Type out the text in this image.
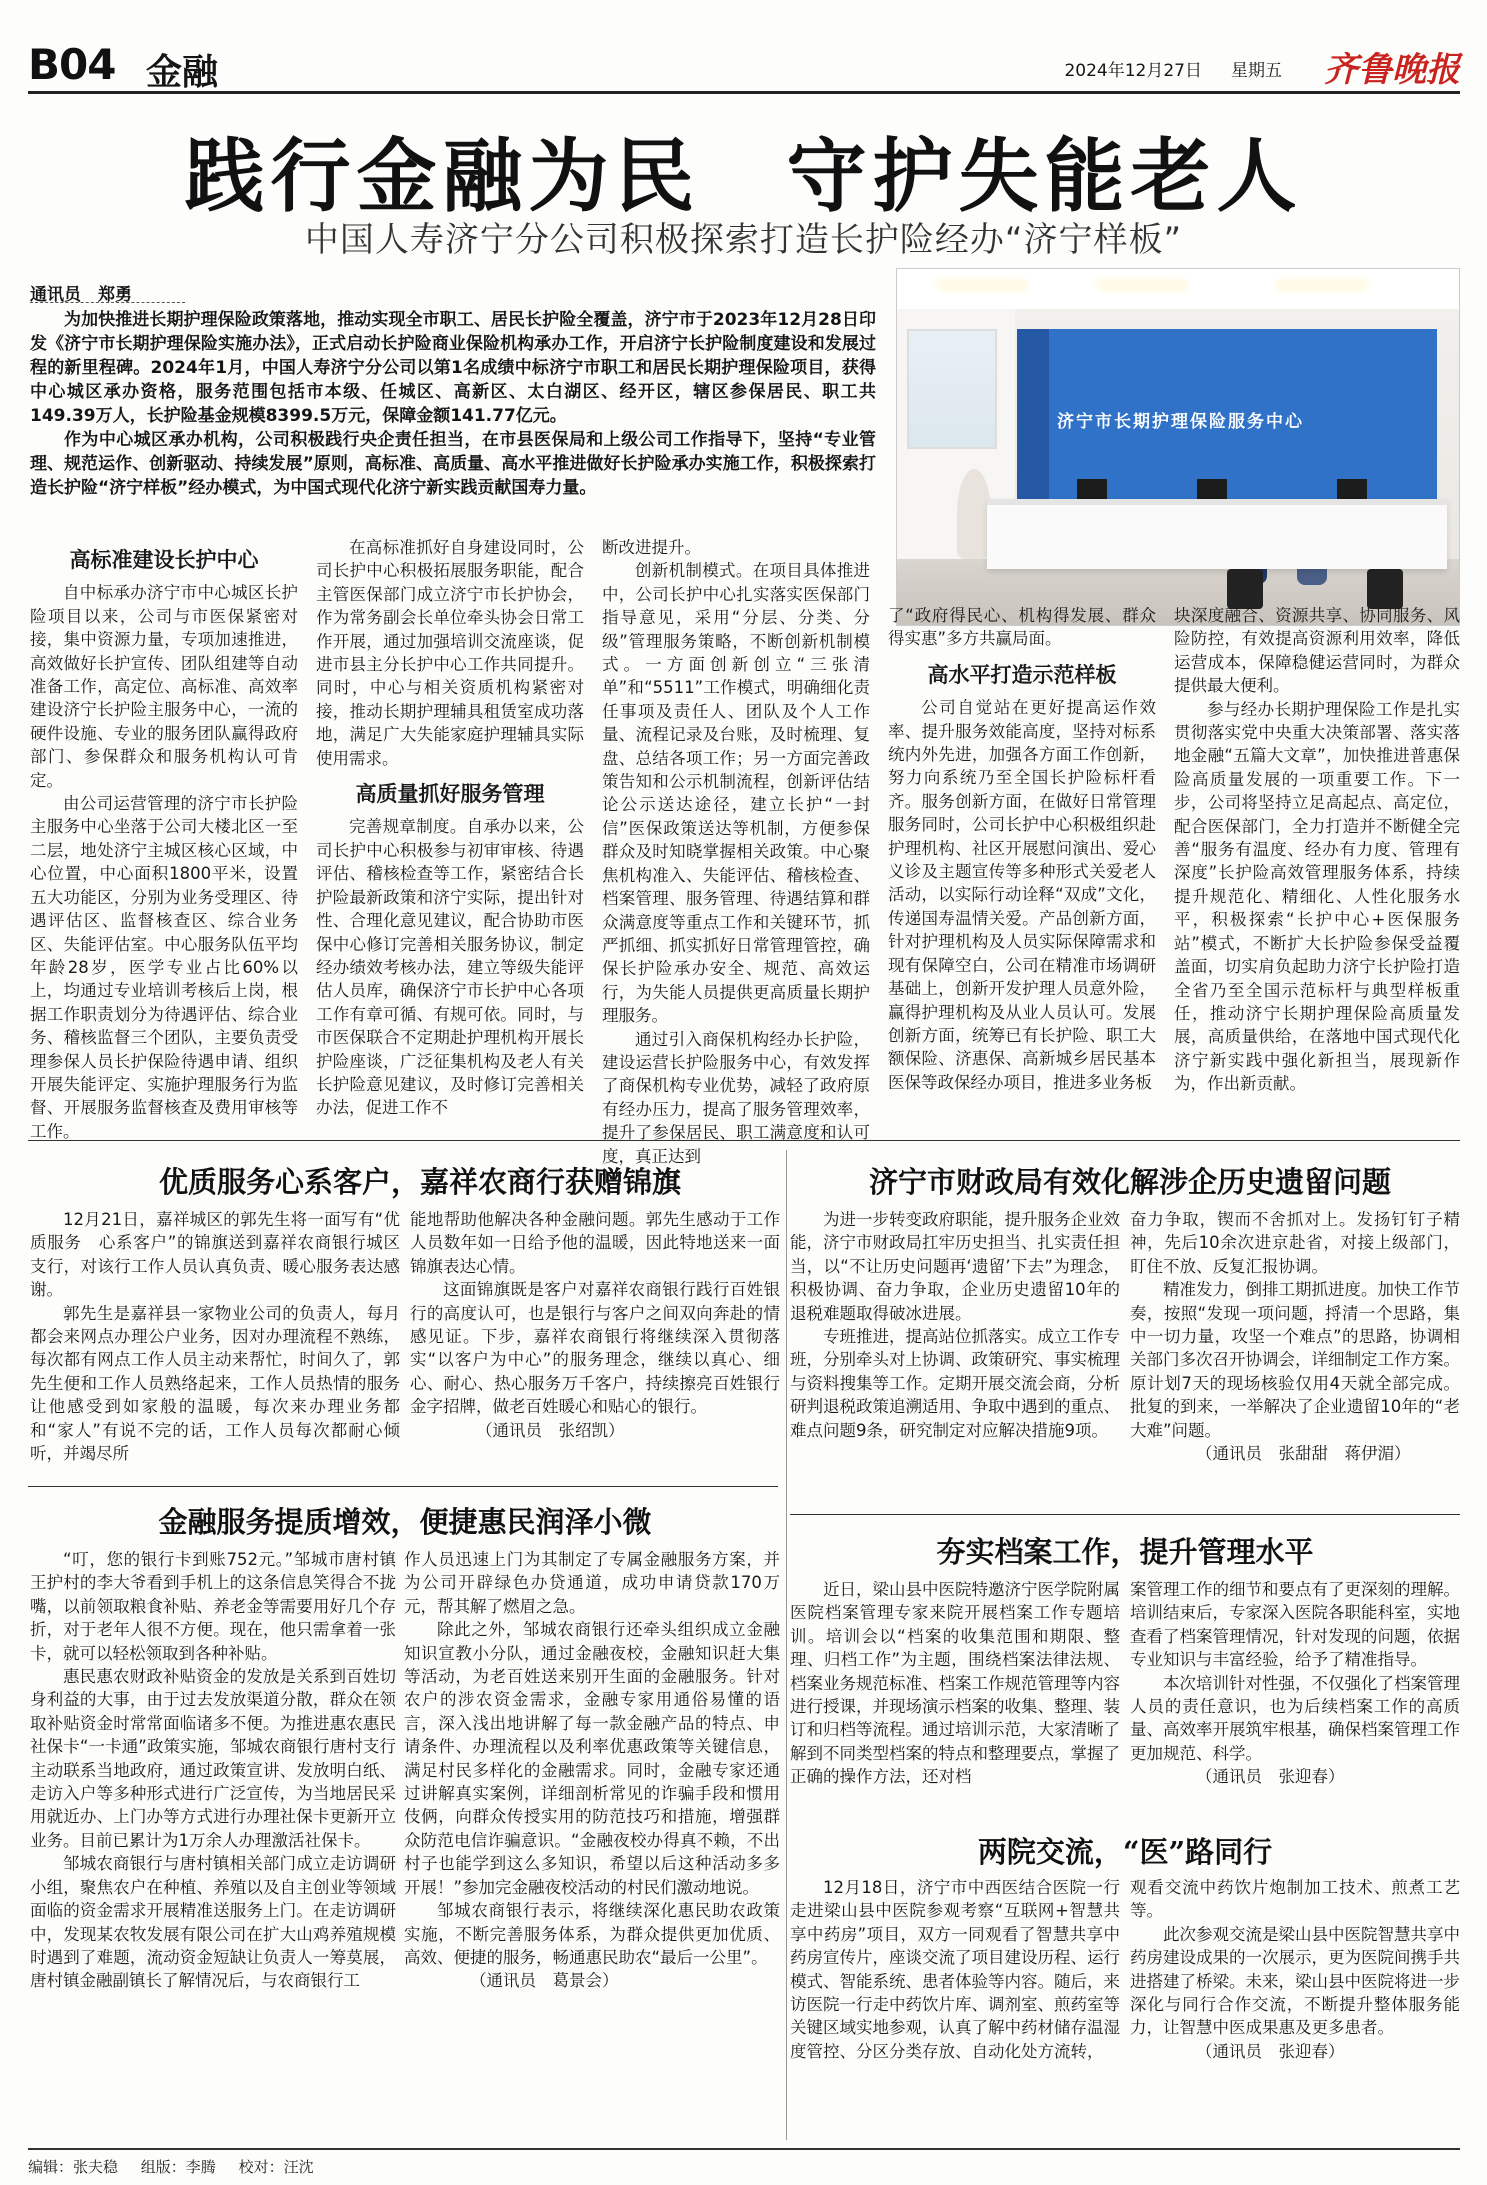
B04 金融	2024年12月27日 星期五 齐鲁晚报
践行金融为民　守护失能老人
中国人寿济宁分公司积极探索打造长护险经办“济宁样板”
通讯员　郑勇

为加快推进长期护理保险政策落地，推动实现全市职工、居民长护险全覆盖，济宁市于2023年12月28日印发《济宁市长期护理保险实施办法》，正式启动长护险商业保险机构承办工作，开启济宁长护险制度建设和发展过程的新里程碑。2024年1月，中国人寿济宁分公司以第1名成绩中标济宁市职工和居民长期护理保险项目，获得中心城区承办资格，服务范围包括市本级、任城区、高新区、太白湖区、经开区，辖区参保居民、职工共149.39万人，长护险基金规模8399.5万元，保障金额141.77亿元。

作为中心城区承办机构，公司积极践行央企责任担当，在市县医保局和上级公司工作指导下，坚持“专业管理、规范运作、创新驱动、持续发展”原则，高标准、高质量、高水平推进做好长护险承办实施工作，积极探索打造长护险“济宁样板”经办模式，为中国式现代化济宁新实践贡献国寿力量。

济宁市长期护理保险服务中心
高标准建设长护中心

自中标承办济宁市中心城区长护险项目以来，公司与市医保紧密对接，集中资源力量，专项加速推进，高效做好长护宣传、团队组建等自动准备工作，高定位、高标准、高效率建设济宁长护险主服务中心，一流的硬件设施、专业的服务团队赢得政府部门、参保群众和服务机构认可肯定。

由公司运营管理的济宁市长护险主服务中心坐落于公司大楼北区一至二层，地处济宁主城区核心区域，中心位置，中心面积1800平米，设置五大功能区，分别为业务受理区、待遇评估区、监督核查区、综合业务区、失能评估室。中心服务队伍平均年龄28岁，医学专业占比60%以上，均通过专业培训考核后上岗，根据工作职责划分为待遇评估、综合业务、稽核监督三个团队，主要负责受理参保人员长护保险待遇申请、组织开展失能评定、实施护理服务行为监督、开展服务监督核查及费用审核等工作。

在高标准抓好自身建设同时，公司长护中心积极拓展服务职能，配合主管医保部门成立济宁市长护协会，作为常务副会长单位牵头协会日常工作开展，通过加强培训交流座谈，促进市县主分长护中心工作共同提升。同时，中心与相关资质机构紧密对接，推动长期护理辅具租赁室成功落地，满足广大失能家庭护理辅具实际使用需求。

高质量抓好服务管理

完善规章制度。自承办以来，公司长护中心积极参与初审审核、待遇评估、稽核检查等工作，紧密结合长护险最新政策和济宁实际，提出针对性、合理化意见建议，配合协助市医保中心修订完善相关服务协议，制定经办绩效考核办法，建立等级失能评估人员库，确保济宁市长护中心各项工作有章可循、有规可依。同时，与市医保联合不定期赴护理机构开展长护险座谈，广泛征集机构及老人有关长护险意见建议，及时修订完善相关办法，促进工作不

断改进提升。

创新机制模式。在项目具体推进中，公司长护中心扎实落实医保部门指导意见，采用“分层、分类、分级”管理服务策略，不断创新机制模式。一方面创新创立“三张清单”和“5511”工作模式，明确细化责任事项及责任人、团队及个人工作量、流程记录及台账，及时梳理、复盘、总结各项工作；另一方面完善政策告知和公示机制流程，创新评估结论公示送达途径，建立长护“一封信”医保政策送达等机制，方便参保群众及时知晓掌握相关政策。中心聚焦机构准入、失能评估、稽核检查、档案管理、服务管理、待遇结算和群众满意度等重点工作和关键环节，抓严抓细、抓实抓好日常管理管控，确保长护险承办安全、规范、高效运行，为失能人员提供更高质量长期护理服务。

通过引入商保机构经办长护险，建设运营长护险服务中心，有效发挥了商保机构专业优势，减轻了政府原有经办压力，提高了服务管理效率，提升了参保居民、职工满意度和认可度，真正达到

了“政府得民心、机构得发展、群众得实惠”多方共赢局面。

高水平打造示范样板

公司自觉站在更好提高运作效率、提升服务效能高度，坚持对标系统内外先进，加强各方面工作创新，努力向系统乃至全国长护险标杆看齐。服务创新方面，在做好日常管理服务同时，公司长护中心积极组织赴护理机构、社区开展慰问演出、爱心义诊及主题宣传等多种形式关爱老人活动，以实际行动诠释“双成”文化，传递国寿温情关爱。产品创新方面，针对护理机构及人员实际保障需求和现有保障空白，公司在精准市场调研基础上，创新开发护理人员意外险，赢得护理机构及从业人员认可。发展创新方面，统筹已有长护险、职工大额保险、济惠保、高新城乡居民基本医保等政保经办项目，推进多业务板

块深度融合、资源共享、协同服务、风险防控，有效提高资源利用效率，降低运营成本，保障稳健运营同时，为群众提供最大便利。

参与经办长期护理保险工作是扎实贯彻落实党中央重大决策部署、落实落地金融“五篇大文章”，加快推进普惠保险高质量发展的一项重要工作。下一步，公司将坚持立足高起点、高定位，配合医保部门，全力打造并不断健全完善“服务有温度、经办有力度、管理有深度”长护险高效管理服务体系，持续提升规范化、精细化、人性化服务水平，积极探索“长护中心+医保服务站”模式，不断扩大长护险参保受益覆盖面，切实肩负起助力济宁长护险打造全省乃至全国示范标杆与典型样板重任，推动济宁长期护理保险高质量发展，高质量供给，在落地中国式现代化济宁新实践中强化新担当，展现新作为，作出新贡献。

优质服务心系客户，嘉祥农商行获赠锦旗

12月21日，嘉祥城区的郭先生将一面写有“优质服务　心系客户”的锦旗送到嘉祥农商银行城区支行，对该行工作人员认真负责、暖心服务表达感谢。

郭先生是嘉祥县一家物业公司的负责人，每月都会来网点办理公户业务，因对办理流程不熟练，每次都有网点工作人员主动来帮忙，时间久了，郭先生便和工作人员熟络起来，工作人员热情的服务让他感受到如家般的温暖，每次来办理业务都和“家人”有说不完的话，工作人员每次都耐心倾听，并竭尽所

能地帮助他解决各种金融问题。郭先生感动于工作人员数年如一日给予他的温暖，因此特地送来一面锦旗表达心情。

这面锦旗既是客户对嘉祥农商银行践行百姓银行的高度认可，也是银行与客户之间双向奔赴的情感见证。下步，嘉祥农商银行将继续深入贯彻落实“以客户为中心”的服务理念，继续以真心、细心、耐心、热心服务万千客户，持续擦亮百姓银行金字招牌，做老百姓暖心和贴心的银行。

（通讯员　张绍凯）

济宁市财政局有效化解涉企历史遗留问题

为进一步转变政府职能，提升服务企业效能，济宁市财政局扛牢历史担当、扎实责任担当，以“不让历史问题再‘遗留’下去”为理念，积极协调、奋力争取，企业历史遗留10年的退税难题取得破冰进展。

专班推进，提高站位抓落实。成立工作专班，分别牵头对上协调、政策研究、事实梳理与资料搜集等工作。定期开展交流会商，分析研判退税政策追溯适用、争取中遇到的重点、难点问题9条，研究制定对应解决措施9项。

奋力争取，锲而不舍抓对上。发扬钉钉子精神，先后10余次进京赴省，对接上级部门，盯住不放、反复汇报协调。

精准发力，倒排工期抓进度。加快工作节奏，按照“发现一项问题，捋清一个思路，集中一切力量，攻坚一个难点”的思路，协调相关部门多次召开协调会，详细制定工作方案。原计划7天的现场核验仅用4天就全部完成。批复的到来，一举解决了企业遗留10年的“老大难”问题。

（通讯员　张甜甜　蒋伊湄）

金融服务提质增效，便捷惠民润泽小微

“叮，您的银行卡到账752元。”邹城市唐村镇王护村的李大爷看到手机上的这条信息笑得合不拢嘴，以前领取粮食补贴、养老金等需要用好几个存折，对于老年人很不方便。现在，他只需拿着一张卡，就可以轻松领取到各种补贴。

惠民惠农财政补贴资金的发放是关系到百姓切身利益的大事，由于过去发放渠道分散，群众在领取补贴资金时常常面临诸多不便。为推进惠农惠民社保卡“一卡通”政策实施，邹城农商银行唐村支行主动联系当地政府，通过政策宣讲、发放明白纸、走访入户等多种形式进行广泛宣传，为当地居民采用就近办、上门办等方式进行办理社保卡更新开立业务。目前已累计为1万余人办理激活社保卡。

邹城农商银行与唐村镇相关部门成立走访调研小组，聚焦农户在种植、养殖以及自主创业等领域面临的资金需求开展精准送服务上门。在走访调研中，发现某农牧发展有限公司在扩大山鸡养殖规模时遇到了难题，流动资金短缺让负责人一筹莫展，唐村镇金融副镇长了解情况后，与农商银行工

作人员迅速上门为其制定了专属金融服务方案，并为公司开辟绿色办贷通道，成功申请贷款170万元，帮其解了燃眉之急。

除此之外，邹城农商银行还牵头组织成立金融知识宣教小分队，通过金融夜校，金融知识赶大集等活动，为老百姓送来别开生面的金融服务。针对农户的涉农资金需求，金融专家用通俗易懂的语言，深入浅出地讲解了每一款金融产品的特点、申请条件、办理流程以及利率优惠政策等关键信息，满足村民多样化的金融需求。同时，金融专家还通过讲解真实案例，详细剖析常见的诈骗手段和惯用伎俩，向群众传授实用的防范技巧和措施，增强群众防范电信诈骗意识。“金融夜校办得真不赖，不出村子也能学到这么多知识，希望以后这种活动多多开展！”参加完金融夜校活动的村民们激动地说。

邹城农商银行表示，将继续深化惠民助农政策实施，不断完善服务体系，为群众提供更加优质、高效、便捷的服务，畅通惠民助农“最后一公里”。

（通讯员　葛景会）

夯实档案工作，提升管理水平

近日，梁山县中医院特邀济宁医学院附属医院档案管理专家来院开展档案工作专题培训。培训会以“档案的收集范围和期限、整理、归档工作”为主题，围绕档案法律法规、档案业务规范标准、档案工作规范管理等内容进行授课，并现场演示档案的收集、整理、装订和归档等流程。通过培训示范，大家清晰了解到不同类型档案的特点和整理要点，掌握了正确的操作方法，还对档

案管理工作的细节和要点有了更深刻的理解。培训结束后，专家深入医院各职能科室，实地查看了档案管理情况，针对发现的问题，依据专业知识与丰富经验，给予了精准指导。

本次培训针对性强，不仅强化了档案管理人员的责任意识，也为后续档案工作的高质量、高效率开展筑牢根基，确保档案管理工作更加规范、科学。

（通讯员　张迎春）

两院交流，“医”路同行

12月18日，济宁市中西医结合医院一行走进梁山县中医院参观考察“互联网+智慧共享中药房”项目，双方一同观看了智慧共享中药房宣传片，座谈交流了项目建设历程、运行模式、智能系统、患者体验等内容。随后，来访医院一行走中药饮片库、调剂室、煎药室等关键区域实地参观，认真了解中药材储存温湿度管控、分区分类存放、自动化处方流转，

观看交流中药饮片炮制加工技术、煎煮工艺等。

此次参观交流是梁山县中医院智慧共享中药房建设成果的一次展示，更为医院间携手共进搭建了桥梁。未来，梁山县中医院将进一步深化与同行合作交流，不断提升整体服务能力，让智慧中医成果惠及更多患者。

（通讯员　张迎春）

编辑：张夫稳 组版：李腾 校对：汪沈
